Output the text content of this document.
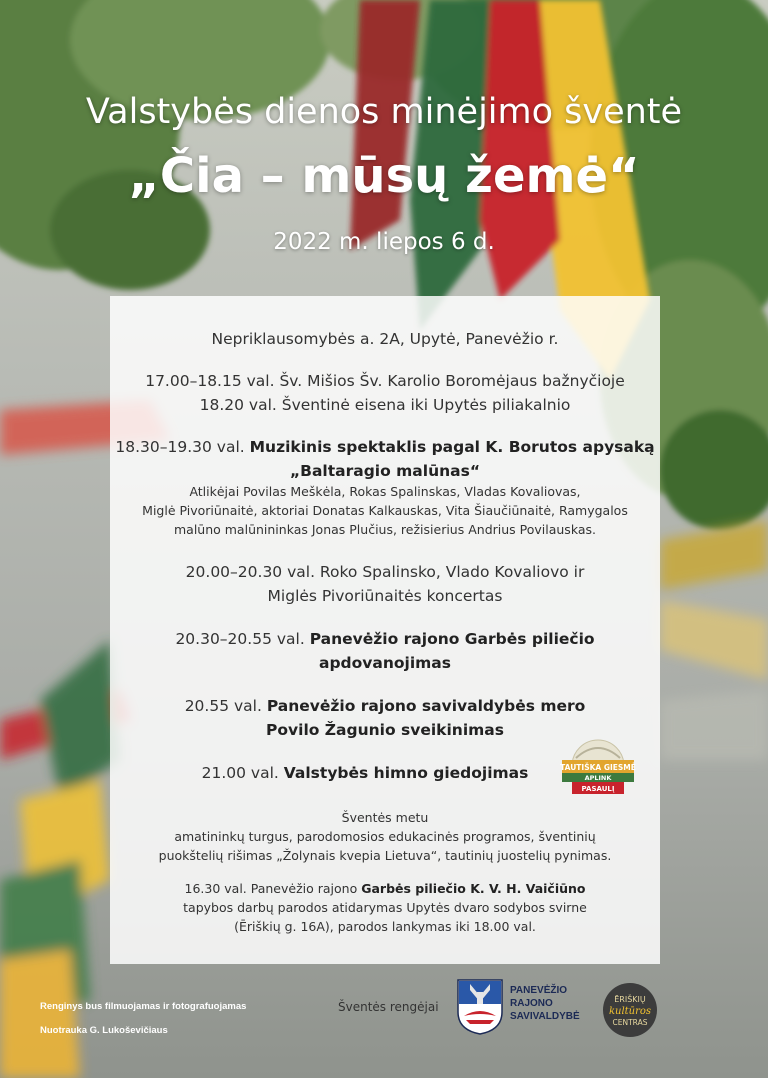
Valstybės dienos minėjimo šventė
„Čia – mūsų žemė“
2022 m. liepos 6 d.
Nepriklausomybės a. 2A, Upytė, Panevėžio r.
17.00–18.15 val. Šv. Mišios Šv. Karolio Boromėjaus bažnyčioje
18.20 val. Šventinė eisena iki Upytės piliakalnio
18.30–19.30 val. Muzikinis spektaklis pagal K. Borutos apysaką
„Baltaragio malūnas“
Atlikėjai Povilas Meškėla, Rokas Spalinskas, Vladas Kovaliovas,
Miglė Pivoriūnaitė, aktoriai Donatas Kalkauskas, Vita Šiaučiūnaitė, Ramygalos
malūno malūnininkas Jonas Plučius, režisierius Andrius Povilauskas.
20.00–20.30 val. Roko Spalinsko, Vlado Kovaliovo ir
Miglės Pivoriūnaitės koncertas
20.30–20.55 val. Panevėžio rajono Garbės piliečio
apdovanojimas
20.55 val. Panevėžio rajono savivaldybės mero
Povilo Žagunio sveikinimas
21.00 val. Valstybės himno giedojimas	TAUTIŠKA GIESMĖ
APLINK
PASAULĮ
Šventės metu
amatininkų turgus, parodomosios edukacinės programos, šventinių
puokštelių rišimas „Žolynais kvepia Lietuva“, tautinių juostelių pynimas.
16.30 val. Panevėžio rajono Garbės piliečio K. V. H. Vaičiūno
tapybos darbų parodos atidarymas Upytės dvaro sodybos svirne
(Ēriškių g. 16A), parodos lankymas iki 18.00 val.
Renginys bus filmuojamas ir fotografuojamas
Nuotrauka G. Lukoševičiaus
Šventės rengėjai
PANEVĖŽIO
RAJONO
SAVIVALDYBĖ
ĒRIŠKIŲ
kultūros
CENTRAS
